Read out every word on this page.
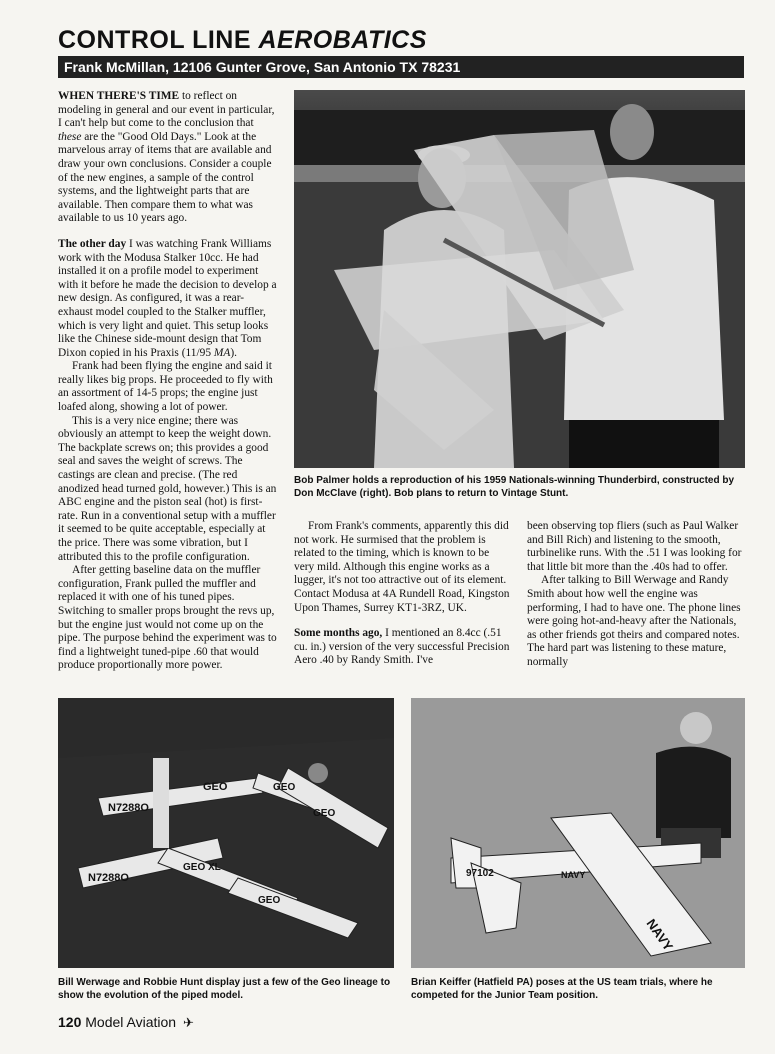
CONTROL LINE AEROBATICS
Frank McMillan, 12106 Gunter Grove, San Antonio TX 78231

WHEN THERE'S TIME to reflect on modeling in general and our event in particular, I can't help but come to the conclusion that these are the "Good Old Days." Look at the marvelous array of items that are available and draw your own conclusions. Consider a couple of the new engines, a sample of the control systems, and the lightweight parts that are available. Then compare them to what was available to us 10 years ago.

The other day I was watching Frank Williams work with the Modusa Stalker 10cc. He had installed it on a profile model to experiment with it before he made the decision to develop a new design. As configured, it was a rear-exhaust model coupled to the Stalker muffler, which is very light and quiet. This setup looks like the Chinese side-mount design that Tom Dixon copied in his Praxis (11/95 MA).

Frank had been flying the engine and said it really likes big props. He proceeded to fly with an assortment of 14-5 props; the engine just loafed along, showing a lot of power.

This is a very nice engine; there was obviously an attempt to keep the weight down. The backplate screws on; this provides a good seal and saves the weight of screws. The castings are clean and precise. (The red anodized head turned gold, however.) This is an ABC engine and the piston seal (hot) is first-rate. Run in a conventional setup with a muffler it seemed to be quite acceptable, especially at the price. There was some vibration, but I attributed this to the profile configuration.

After getting baseline data on the muffler configuration, Frank pulled the muffler and replaced it with one of his tuned pipes. Switching to smaller props brought the revs up, but the engine just would not come up on the pipe. The purpose behind the experiment was to find a lightweight tuned-pipe .60 that would produce proportionally more power.

Bob Palmer holds a reproduction of his 1959 Nationals-winning Thunderbird, constructed by Don McClave (right). Bob plans to return to Vintage Stunt.

From Frank's comments, apparently this did not work. He surmised that the problem is related to the timing, which is known to be very mild. Although this engine works as a lugger, it's not too attractive out of its element. Contact Modusa at 4A Rundell Road, Kingston Upon Thames, Surrey KT1-3RZ, UK.

Some months ago, I mentioned an 8.4cc (.51 cu. in.) version of the very successful Precision Aero .40 by Randy Smith. I've

been observing top fliers (such as Paul Walker and Bill Rich) and listening to the smooth, turbinelike runs. With the .51 I was looking for that little bit more than the .40s had to offer.

After talking to Bill Werwage and Randy Smith about how well the engine was performing, I had to have one. The phone lines were going hot-and-heavy after the Nationals, as other friends got theirs and compared notes. The hard part was listening to these mature, normally

N7288O
GEO	GEO
GEO
N7288O
GEO XL
GEO
Bill Werwage and Robbie Hunt display just a few of the Geo lineage to show the evolution of the piped model.
97102	NAVY
NAVY
Brian Keiffer (Hatfield PA) poses at the US team trials, where he competed for the Junior Team position.
120 Model Aviation ✈
